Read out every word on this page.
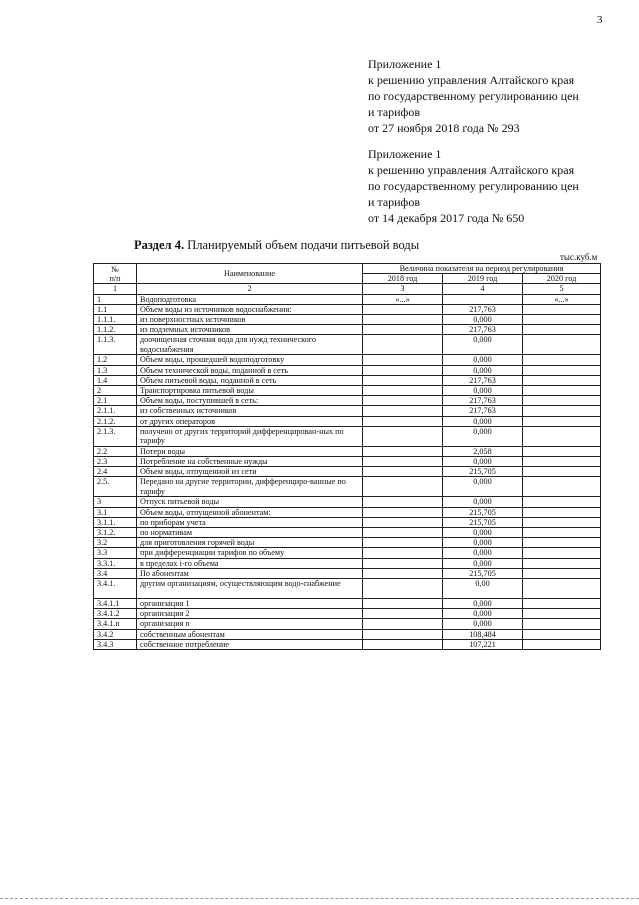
3
Приложение 1
к решению управления Алтайского края
по государственному регулированию цен
и тарифов
от 27 ноября 2018 года № 293
Приложение 1
к решению управления Алтайского края
по государственному регулированию цен
и тарифов
от 14 декабря 2017 года № 650
Раздел 4. Планируемый объем подачи питьевой воды
тыс.куб.м
№
п/п	Наименование	Величина показателя на период регулирования		
		2018 год	2019 год	2020 год
1	2	3	4	5
1	Водоподготовка	«...»		«...»
1.1	Объем воды из источников водоснабжения:		217,763	
1.1.1.	из поверхностных источников		0,000	
1.1.2.	из подземных источников		217,763	
1.1.3.	доочищенная сточная вода для нужд технического водоснабжения		0,000	
1.2	Объем воды, прошедшей водоподготовку		0,000	
1.3	Объем технической воды, поданной в сеть		0,000	
1.4	Объем питьевой воды, поданной в сеть		217,763	
2	Транспортировка питьевой воды		0,000	
2.1	Объем воды, поступившей в сеть:		217,763	
2.1.1.	из собственных источников		217,763	
2.1.2.	от других операторов		0,000	
2.1.3.	получено от других территорий дифференцирован-ных по тарифу		0,000	
2.2	Потери воды		2,058	
2.3	Потребление на собственные нужды		0,000	
2.4	Объем воды, отпущенной из сети		215,705	
2.5.	Передано на другие территории, дифференциро-ванные по тарифу		0,000	
3	Отпуск питьевой воды		0,000	
3.1	Объем воды, отпущенной абонентам:		215,705	
3.1.1.	по приборам учета		215,705	
3.1.2.	по нормативам		0,000	
3.2	для приготовления горячей воды		0,000	
3.3	при дифференциации тарифов по объему		0,000	
3.3.1.	в пределах i-го объема		0,000	
3.4	По абонентам		215,705	
3.4.1.	другим организациям, осуществляющим водо-снабжение		0,00	
3.4.1.1	организация 1		0,000	
3.4.1.2	организация 2		0,000	
3.4.1.n	организация n		0,000	
3.4.2	собственным абонентам		108,484	
3.4.3	собственное потребление		107,221	
